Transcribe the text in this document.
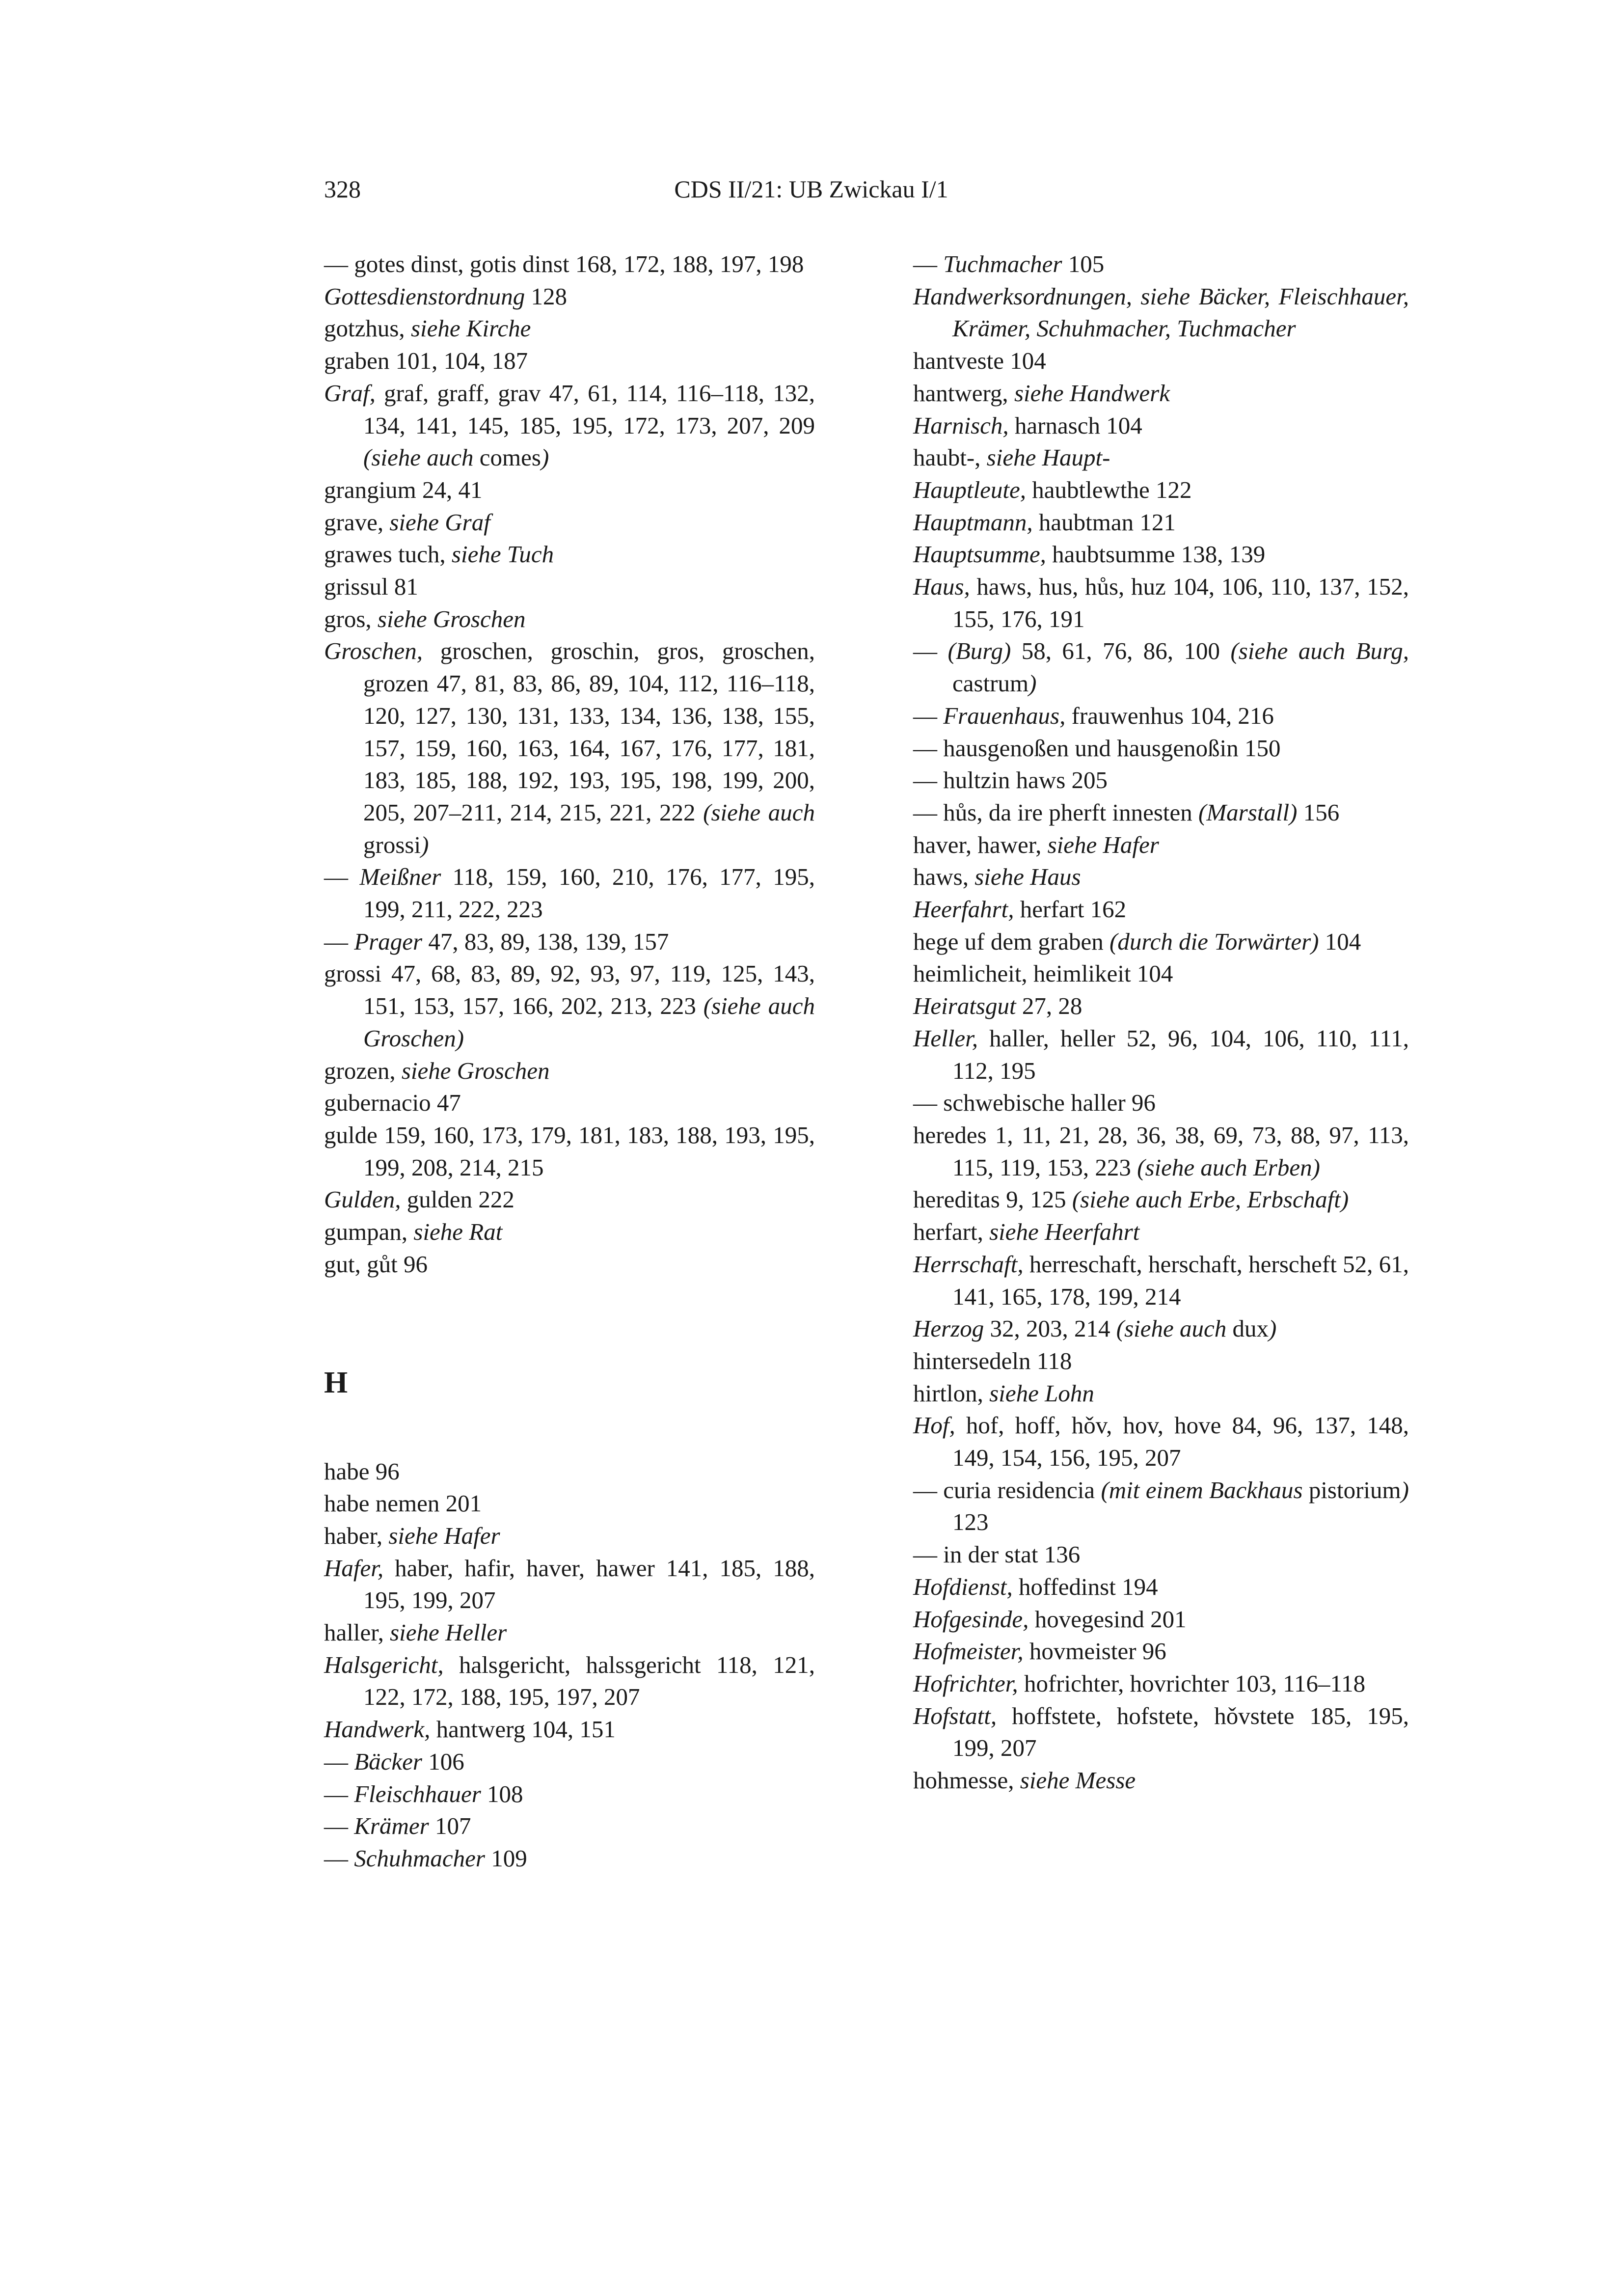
328	CDS II/21: UB Zwickau I/1

— gotes dinst, gotis dinst 168, 172, 188, 197, 198

Gottesdienstordnung 128

gotzhus, siehe Kirche

graben 101, 104, 187

Graf, graf, graff, grav 47, 61, 114, 116–118, 132, 134, 141, 145, 185, 195, 172, 173, 207, 209 (siehe auch comes)

grangium 24, 41

grave, siehe Graf

grawes tuch, siehe Tuch

grissul 81

gros, siehe Groschen

Groschen, groschen, groschin, gros, groschen, grozen 47, 81, 83, 86, 89, 104, 112, 116–118, 120, 127, 130, 131, 133, 134, 136, 138, 155, 157, 159, 160, 163, 164, 167, 176, 177, 181, 183, 185, 188, 192, 193, 195, 198, 199, 200, 205, 207–211, 214, 215, 221, 222 (siehe auch grossi)

— Meißner 118, 159, 160, 210, 176, 177, 195, 199, 211, 222, 223

— Prager 47, 83, 89, 138, 139, 157

grossi 47, 68, 83, 89, 92, 93, 97, 119, 125, 143, 151, 153, 157, 166, 202, 213, 223 (siehe auch Groschen)

grozen, siehe Groschen

gubernacio 47

gulde 159, 160, 173, 179, 181, 183, 188, 193, 195, 199, 208, 214, 215

Gulden, gulden 222

gumpan, siehe Rat

gut, gůt 96

H

habe 96

habe nemen 201

haber, siehe Hafer

Hafer, haber, hafir, haver, hawer 141, 185, 188, 195, 199, 207

haller, siehe Heller

Halsgericht, halsgericht, halssgericht 118, 121, 122, 172, 188, 195, 197, 207

Handwerk, hantwerg 104, 151

— Bäcker 106

— Fleischhauer 108

— Krämer 107

— Schuhmacher 109

— Tuchmacher 105

Handwerksordnungen, siehe Bäcker, Fleischhauer, Krämer, Schuhmacher, Tuchmacher

hantveste 104

hantwerg, siehe Handwerk

Harnisch, harnasch 104

haubt-, siehe Haupt-

Hauptleute, haubtlewthe 122

Hauptmann, haubtman 121

Hauptsumme, haubtsumme 138, 139

Haus, haws, hus, hůs, huz 104, 106, 110, 137, 152, 155, 176, 191

— (Burg) 58, 61, 76, 86, 100 (siehe auch Burg, castrum)

— Frauenhaus, frauwenhus 104, 216

— hausgenoßen und hausgenoßin 150

— hultzin haws 205

— hůs, da ire pherft innesten (Marstall) 156

haver, hawer, siehe Hafer

haws, siehe Haus

Heerfahrt, herfart 162

hege uf dem graben (durch die Torwärter) 104

heimlicheit, heimlikeit 104

Heiratsgut 27, 28

Heller, haller, heller 52, 96, 104, 106, 110, 111, 112, 195

— schwebische haller 96

heredes 1, 11, 21, 28, 36, 38, 69, 73, 88, 97, 113, 115, 119, 153, 223 (siehe auch Erben)

hereditas 9, 125 (siehe auch Erbe, Erbschaft)

herfart, siehe Heerfahrt

Herrschaft, herreschaft, herschaft, herscheft 52, 61, 141, 165, 178, 199, 214

Herzog 32, 203, 214 (siehe auch dux)

hintersedeln 118

hirtlon, siehe Lohn

Hof, hof, hoff, hǒv, hov, hove 84, 96, 137, 148, 149, 154, 156, 195, 207

— curia residencia (mit einem Backhaus pistorium) 123

— in der stat 136

Hofdienst, hoffedinst 194

Hofgesinde, hovegesind 201

Hofmeister, hovmeister 96

Hofrichter, hofrichter, hovrichter 103, 116–118

Hofstatt, hoffstete, hofstete, hǒvstete 185, 195, 199, 207

hohmesse, siehe Messe
